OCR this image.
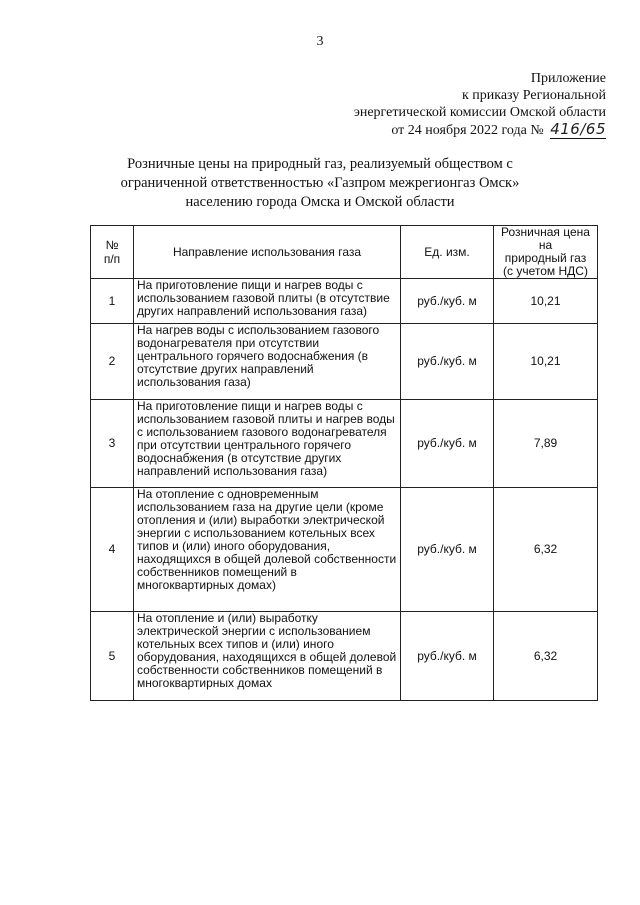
3
Приложение
к приказу Региональной
энергетической комиссии Омской области
от 24 ноября 2022 года № 416/65
Розничные цены на природный газ, реализуемый обществом с
ограниченной ответственностью «Газпром межрегионгаз Омск»
населению города Омска и Омской области
№
п/п	Направление использования газа	Ед. изм.	Розничная цена на
природный газ
(с учетом НДС)

1	На приготовление пищи и нагрев воды с использованием газовой плиты (в отсутствие других направлений использования газа)	руб./куб. м	10,21
2	На нагрев воды с использованием газового водонагревателя при отсутствии центрального горячего водоснабжения (в отсутствие других направлений использования газа)	руб./куб. м	10,21
3	На приготовление пищи и нагрев воды с использованием газовой плиты и нагрев воды с использованием газового водонагревателя при отсутствии центрального горячего водоснабжения (в отсутствие других направлений использования газа)	руб./куб. м	7,89
4	На отопление с одновременным использованием газа на другие цели (кроме отопления и (или) выработки электрической энергии с использованием котельных всех типов и (или) иного оборудования, находящихся в общей долевой собственности собственников помещений в многоквартирных домах)	руб./куб. м	6,32
5	На отопление и (или) выработку электрической энергии с использованием котельных всех типов и (или) иного оборудования, находящихся в общей долевой собственности собственников помещений в многоквартирных домах	руб./куб. м	6,32
